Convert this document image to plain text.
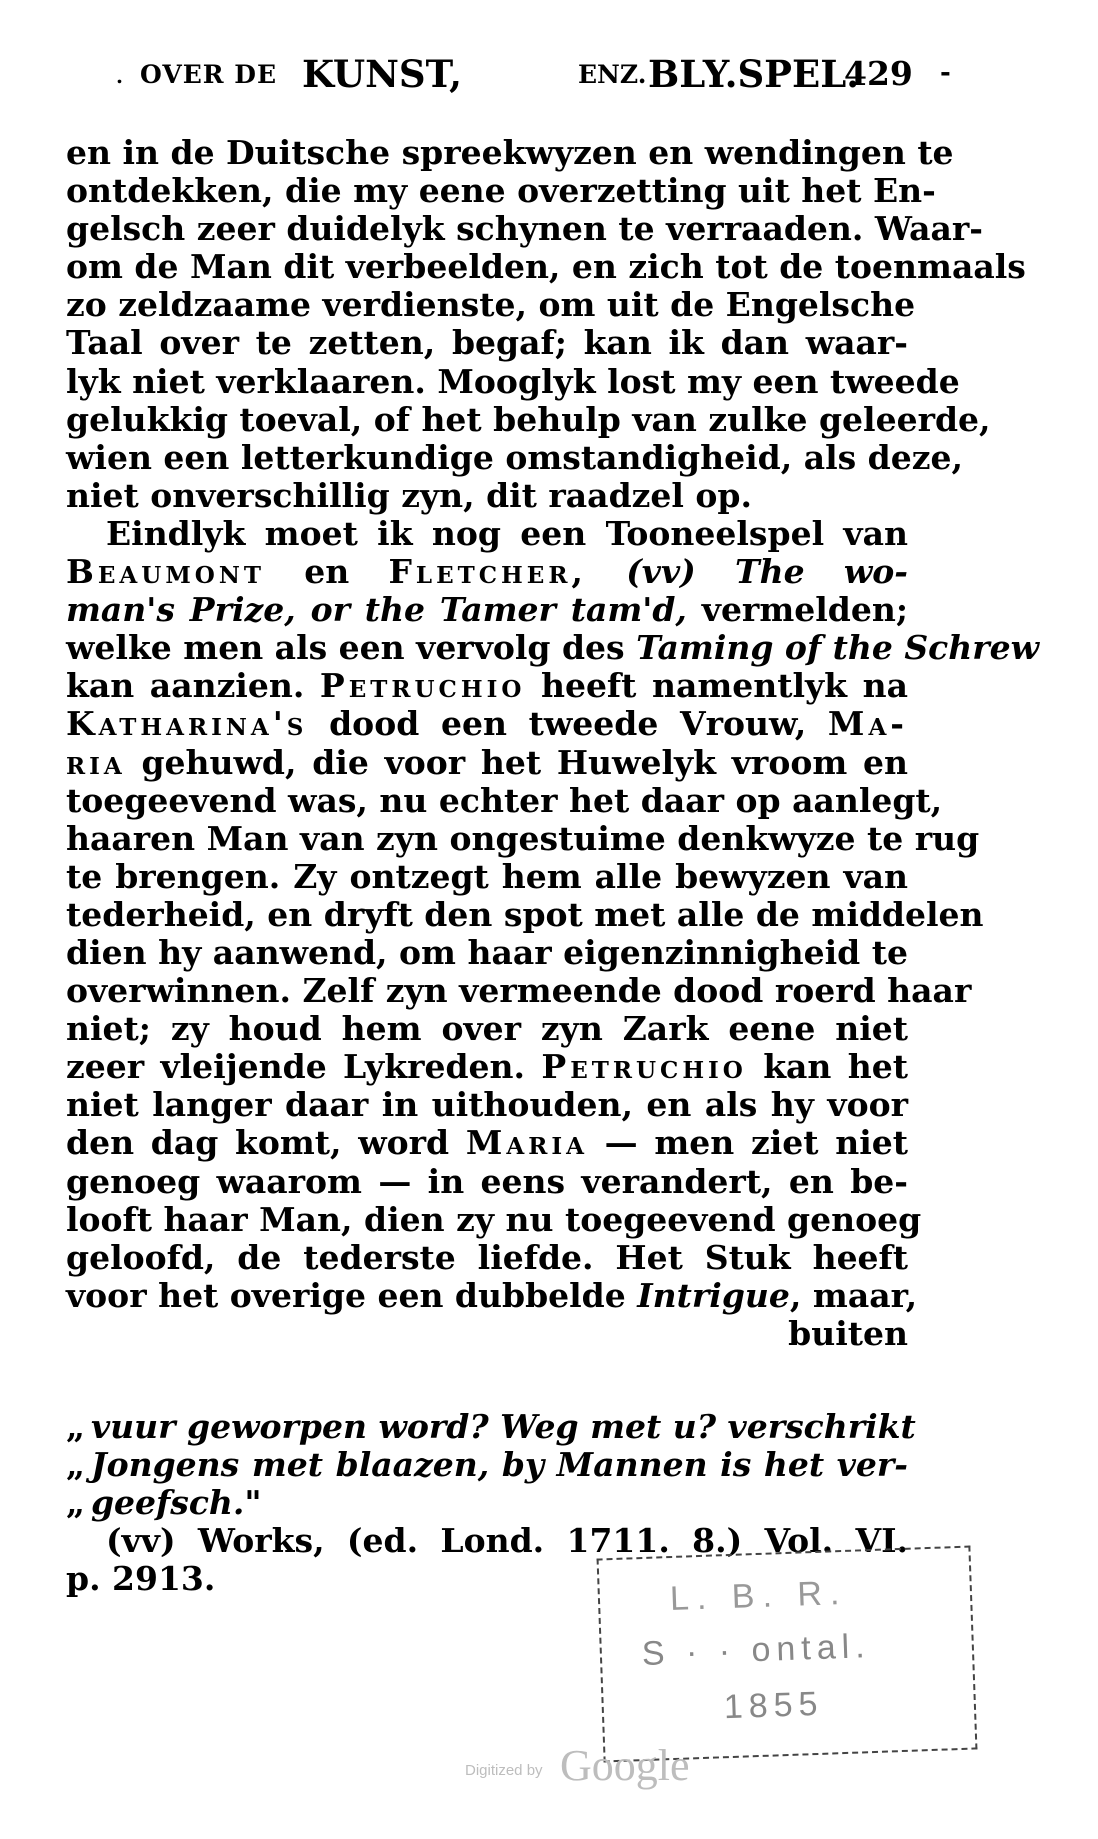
. OVER DE KUNST,	ENZ. BLY.SPEL.
429 -
en in de Duitsche spreekwyzen en wendingen te
ontdekken, die my eene overzetting uit het En-
gelsch zeer duidelyk schynen te verraaden. Waar-
om de Man dit verbeelden, en zich tot de toenmaals
zo zeldzaame verdienste, om uit de Engelsche
Taal over te zetten, begaf; kan ik dan waar-
lyk niet verklaaren. Mooglyk lost my een tweede
gelukkig toeval, of het behulp van zulke geleerde,
wien een letterkundige omstandigheid, als deze,
niet onverschillig zyn, dit raadzel op.
Eindlyk moet ik nog een Tooneelspel van
Beaumont en Fletcher, (vv) The wo-
man's Prize, or the Tamer tam'd, vermelden;
welke men als een vervolg des Taming of the Schrew
kan aanzien. Petruchio heeft namentlyk na
Katharina's dood een tweede Vrouw, Ma-
ria gehuwd, die voor het Huwelyk vroom en
toegeevend was, nu echter het daar op aanlegt,
haaren Man van zyn ongestuime denkwyze te rug
te brengen. Zy ontzegt hem alle bewyzen van
tederheid, en dryft den spot met alle de middelen
dien hy aanwend, om haar eigenzinnigheid te
overwinnen. Zelf zyn vermeende dood roerd haar
niet; zy houd hem over zyn Zark eene niet
zeer vleijende Lykreden. Petruchio kan het
niet langer daar in uithouden, en als hy voor
den dag komt, word Maria — men ziet niet
genoeg waarom — in eens verandert, en be-
looft haar Man, dien zy nu toegeevend genoeg
geloofd, de tederste liefde. Het Stuk heeft
voor het overige een dubbelde Intrigue, maar,
buiten
„ vuur geworpen word? Weg met u? verschrikt
„ Jongens met blaazen, by Mannen is het ver-
„ geefsch."
(vv) Works, (ed. Lond. 1711. 8.) Vol. VI.
p. 2913.	L. B. R.
S · · ontal.
1855
Digitized by Google
